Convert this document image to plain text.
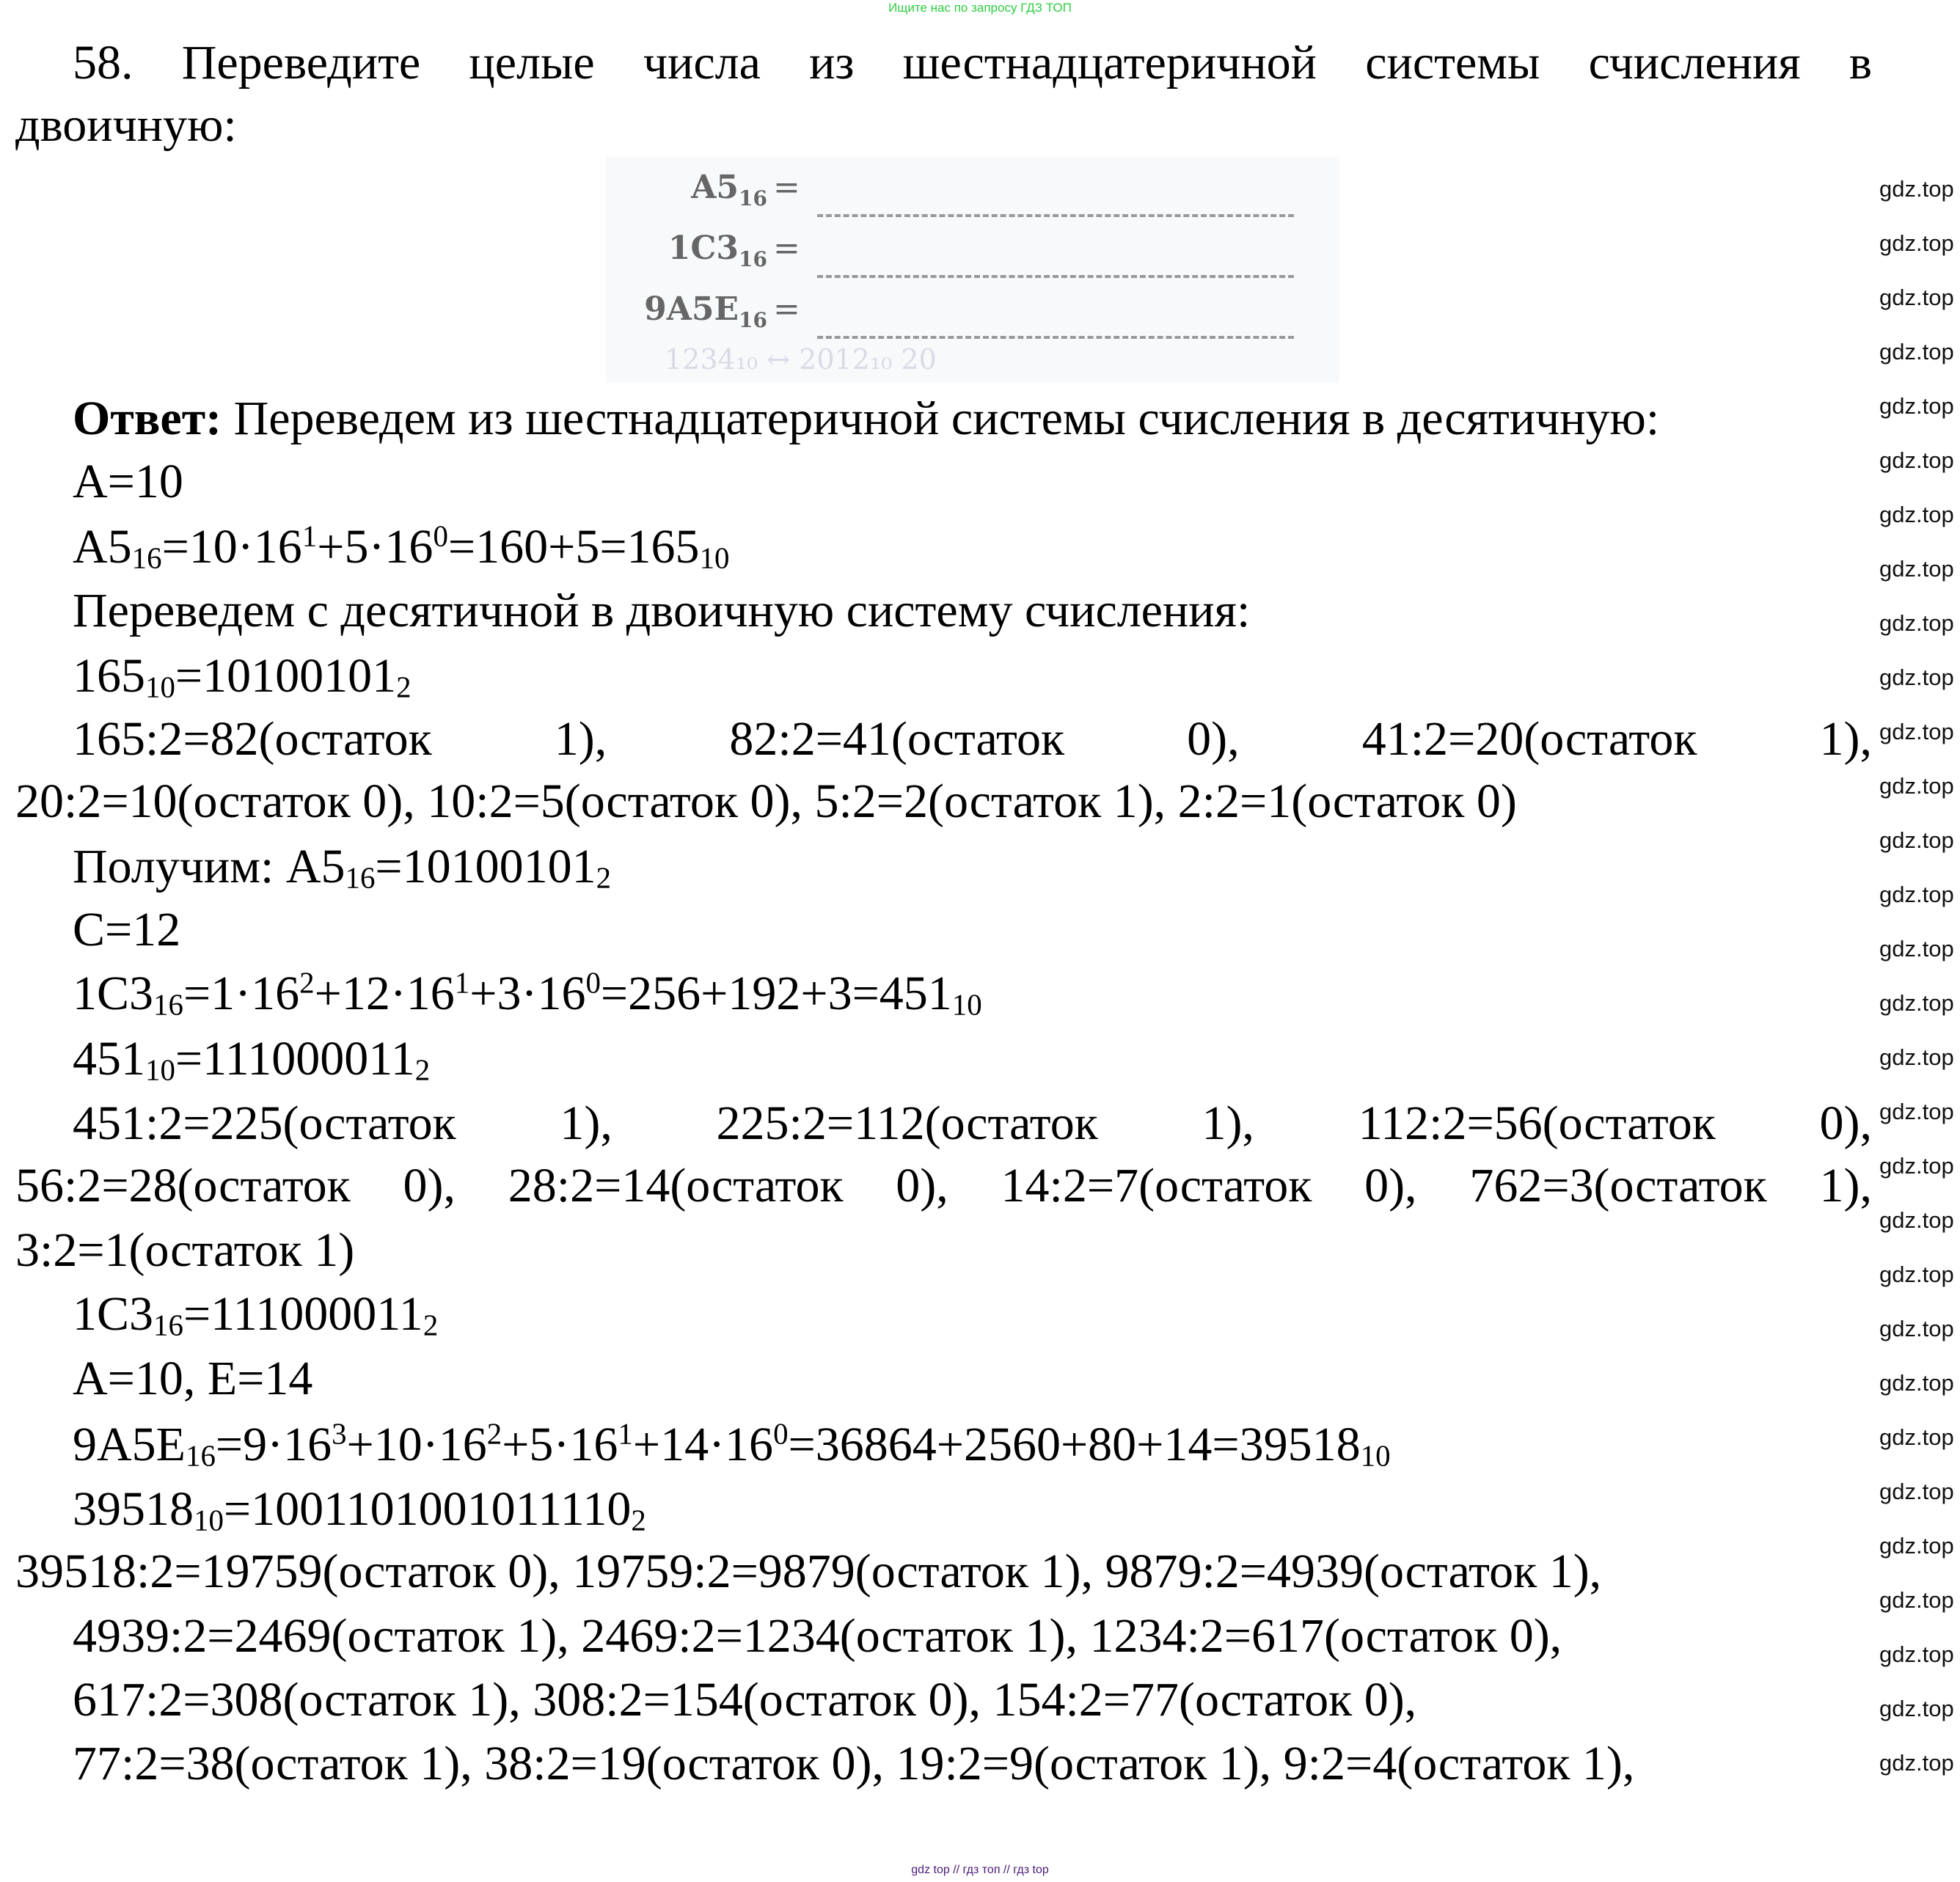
Ищите нас по запросу ГДЗ ТОП
58. Переведите целые числа из шестнадцатеричной системы счисления в
двоичную:
$A5_{16}$ =
$1C3_{16}$ =
$9A5E_{16}$ =
1234₁₀ ↔ 2012₁₀ 20
Ответ: Переведем из шестнадцатеричной системы счисления в десятичную:
A=10
$A5_{16}=10\cdot 16^1+5\cdot 16^0=160+5=165_{10}$
Переведем с десятичной в двоичную систему счисления:
$165_{10}=10100101_2$
165:2=82(остаток 1), 82:2=41(остаток 0), 41:2=20(остаток 1),
20:2=10(остаток 0), 10:2=5(остаток 0), 5:2=2(остаток 1), 2:2=1(остаток 0)
Получим: $A5_{16}=10100101_2$
C=12
$1C3_{16}=1\cdot 16^2+12\cdot 16^1+3\cdot 16^0=256+192+3=451_{10}$
$451_{10}=111000011_2$
451:2=225(остаток 1), 225:2=112(остаток 1), 112:2=56(остаток 0),
56:2=28(остаток 0), 28:2=14(остаток 0), 14:2=7(остаток 0), 762=3(остаток 1),
3:2=1(остаток 1)
$1C3_{16}=111000011_2$
A=10, E=14
$9A5E_{16}=9\cdot 16^3+10\cdot 16^2+5\cdot 16^1+14\cdot 16^0=36864+2560+80+14=39518_{10}$
$39518_{10}=1001101001011110_2$
39518:2=19759(остаток 0), 19759:2=9879(остаток 1), 9879:2=4939(остаток 1),
4939:2=2469(остаток 1), 2469:2=1234(остаток 1), 1234:2=617(остаток 0),
617:2=308(остаток 1), 308:2=154(остаток 0), 154:2=77(остаток 0),
77:2=38(остаток 1), 38:2=19(остаток 0), 19:2=9(остаток 1), 9:2=4(остаток 1),
gdz.top
gdz.top
gdz.top
gdz.top
gdz.top
gdz.top
gdz.top
gdz.top
gdz.top
gdz.top
gdz.top
gdz.top
gdz.top
gdz.top
gdz.top
gdz.top
gdz.top
gdz.top
gdz.top
gdz.top
gdz.top
gdz.top
gdz.top
gdz.top
gdz.top
gdz.top
gdz.top
gdz.top
gdz.top
gdz.top
gdz top // гдз топ // гдз top
